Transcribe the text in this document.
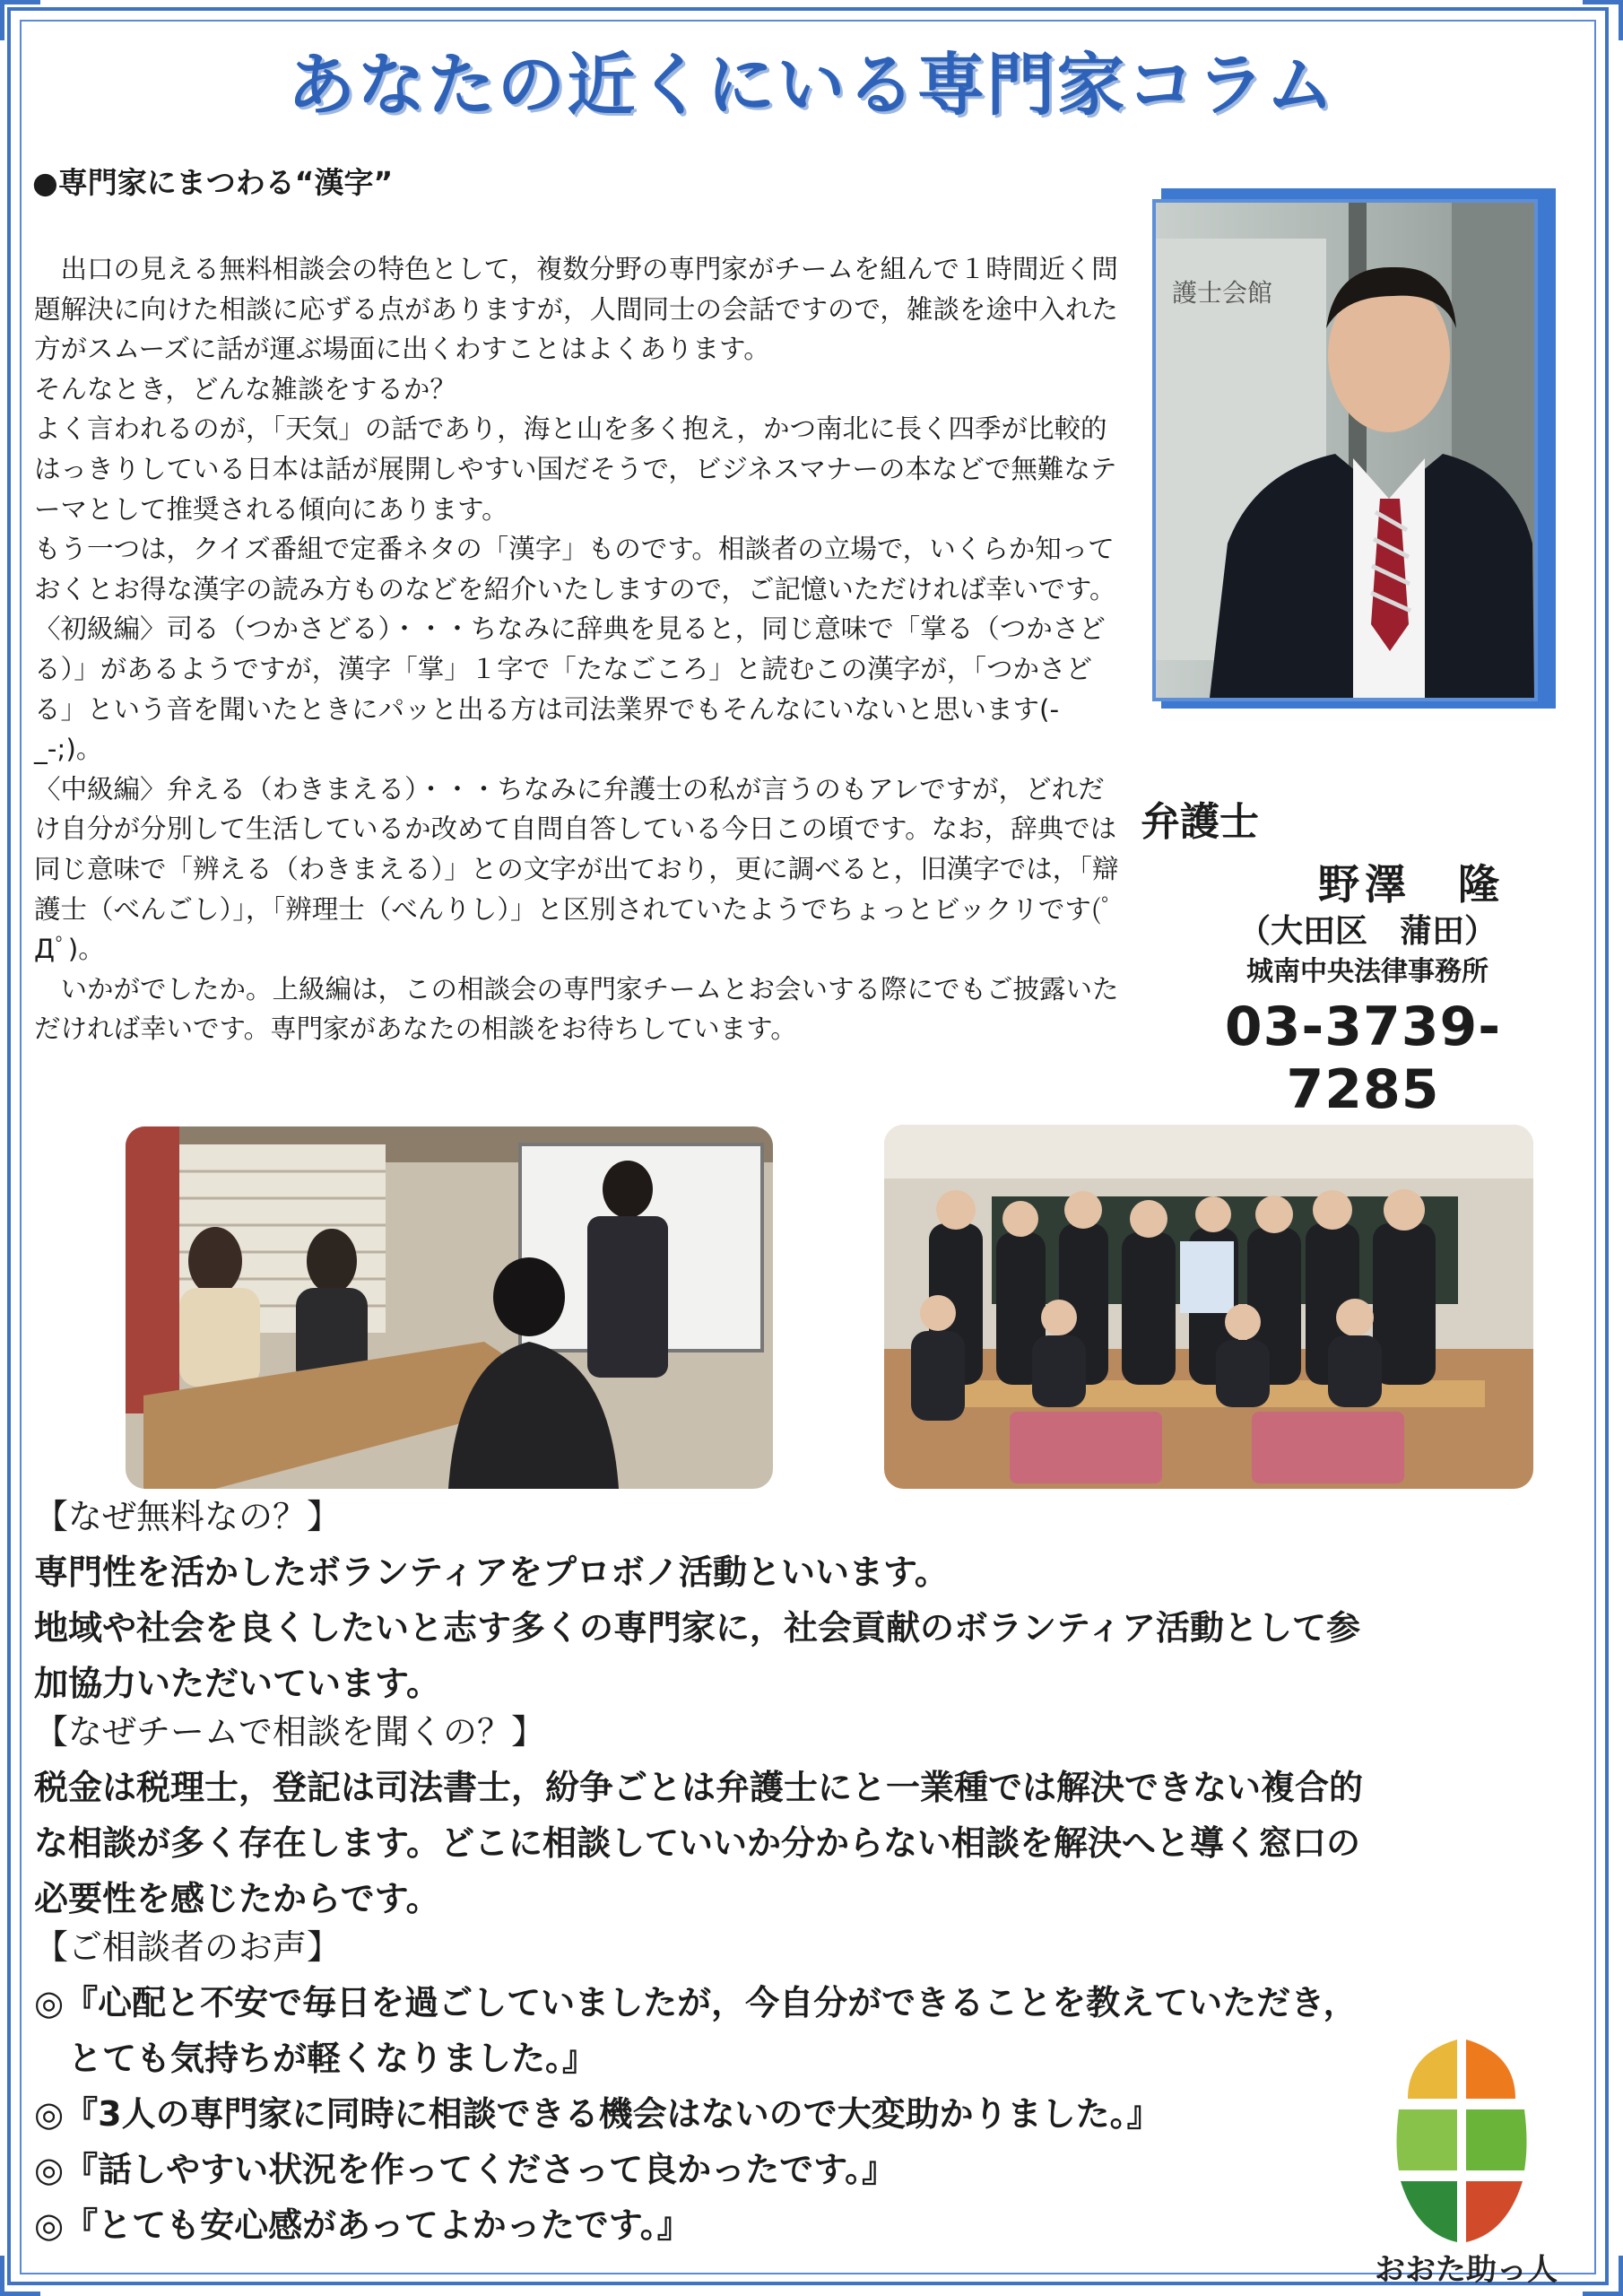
あなたの近くにいる専門家コラム
●専門家にまつわる“漢字”

　出口の見える無料相談会の特色として，複数分野の専門家がチームを組んで１時間近く問題解決に向けた相談に応ずる点がありますが，人間同士の会話ですので，雑談を途中入れた方がスムーズに話が運ぶ場面に出くわすことはよくあります。

そんなとき，どんな雑談をするか？

よく言われるのが，「天気」の話であり，海と山を多く抱え，かつ南北に長く四季が比較的はっきりしている日本は話が展開しやすい国だそうで，ビジネスマナーの本などで無難なテーマとして推奨される傾向にあります。

もう一つは，クイズ番組で定番ネタの「漢字」ものです。相談者の立場で，いくらか知っておくとお得な漢字の読み方ものなどを紹介いたしますので，ご記憶いただければ幸いです。

〈初級編〉司る（つかさどる）・・・ちなみに辞典を見ると，同じ意味で「掌る（つかさどる）」があるようですが，漢字「掌」１字で「たなごころ」と読むこの漢字が，「つかさどる」という音を聞いたときにパッと出る方は司法業界でもそんなにいないと思います(-_-;)。

〈中級編〉弁える（わきまえる）・・・ちなみに弁護士の私が言うのもアレですが，どれだけ自分が分別して生活しているか改めて自問自答している今日この頃です。なお，辞典では同じ意味で「辨える（わきまえる）」との文字が出ており，更に調べると，旧漢字では，「辯護士（べんごし）」，「辨理士（べんりし）」と区別されていたようでちょっとビックリです(ﾟДﾟ)。

　いかがでしたか。上級編は，この相談会の専門家チームとお会いする際にでもご披露いただければ幸いです。専門家があなたの相談をお待ちしています。

護士会館
弁護士
野澤　隆
（大田区　蒲田）
城南中央法律事務所
03-3739-7285

【なぜ無料なの？】

専門性を活かしたボランティアをプロボノ活動といいます。

地域や社会を良くしたいと志す多くの専門家に，社会貢献のボランティア活動として参

加協力いただいています。

【なぜチームで相談を聞くの？】

税金は税理士，登記は司法書士，紛争ごとは弁護士にと一業種では解決できない複合的

な相談が多く存在します。どこに相談していいか分からない相談を解決へと導く窓口の

必要性を感じたからです。

【ご相談者のお声】

◎『心配と不安で毎日を過ごしていましたが，今自分ができることを教えていただき，

　とても気持ちが軽くなりました。』

◎『3人の専門家に同時に相談できる機会はないので大変助かりました。』

◎『話しやすい状況を作ってくださって良かったです。』

◎『とても安心感があってよかったです。』

おおた助っ人
